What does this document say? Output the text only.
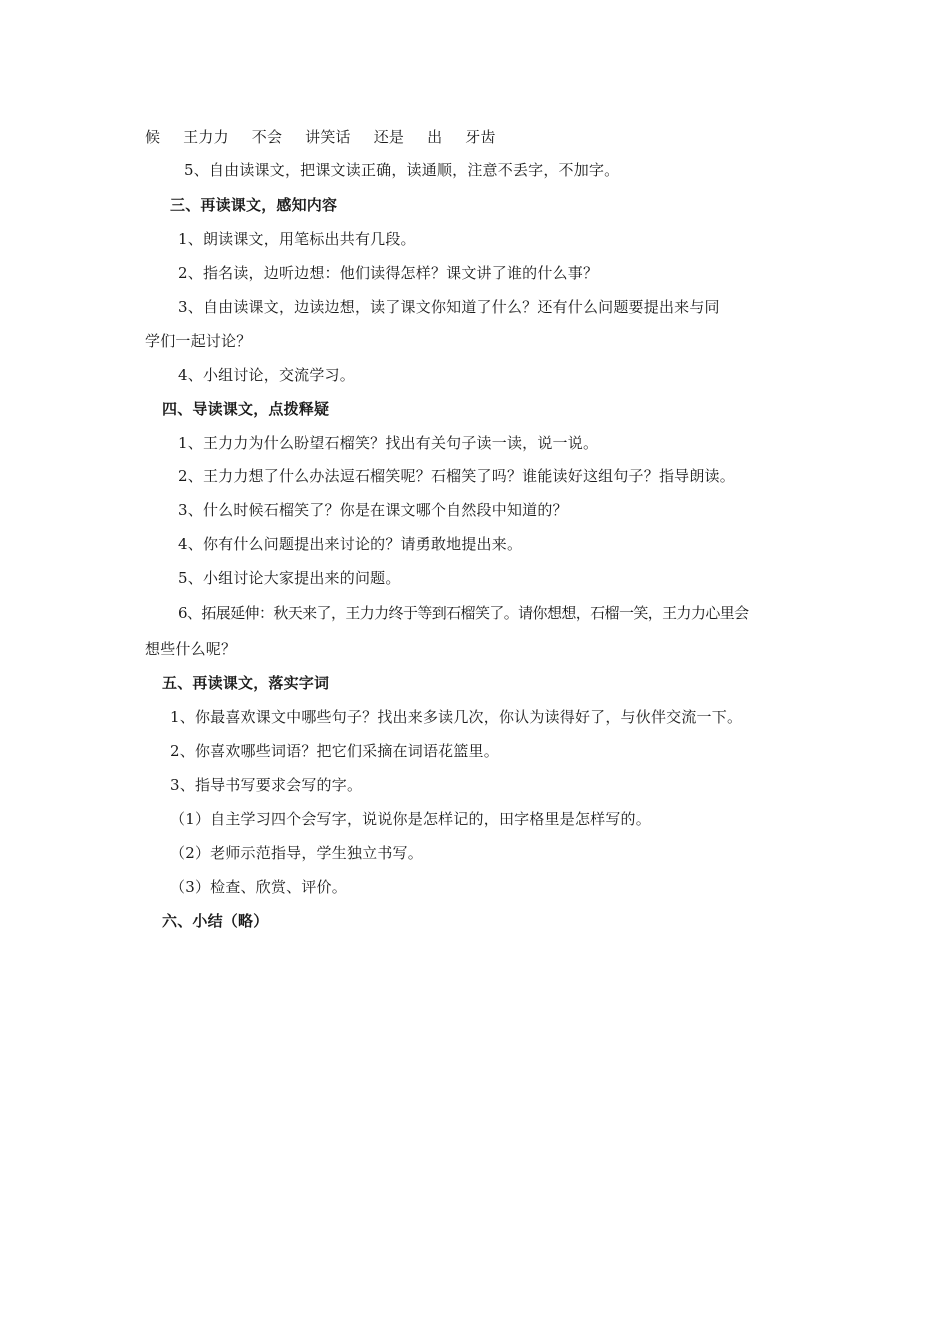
候 王力力 不会 讲笑话 还是 出 牙齿
5、自由读课文，把课文读正确，读通顺，注意不丢字，不加字。
三、再读课文，感知内容
1、朗读课文，用笔标出共有几段。
2、指名读，边听边想：他们读得怎样？课文讲了谁的什么事？
3、自由读课文，边读边想，读了课文你知道了什么？还有什么问题要提出来与同
学们一起讨论？
4、小组讨论，交流学习。
四、导读课文，点拨释疑
1、王力力为什么盼望石榴笑？找出有关句子读一读，说一说。
2、王力力想了什么办法逗石榴笑呢？石榴笑了吗？谁能读好这组句子？指导朗读。
3、什么时候石榴笑了？你是在课文哪个自然段中知道的？
4、你有什么问题提出来讨论的？请勇敢地提出来。
5、小组讨论大家提出来的问题。
6、拓展延伸：秋天来了，王力力终于等到石榴笑了。请你想想，石榴一笑，王力力心里会
想些什么呢？
五、再读课文，落实字词
1、你最喜欢课文中哪些句子？找出来多读几次，你认为读得好了，与伙伴交流一下。
2、你喜欢哪些词语？把它们采摘在词语花篮里。
3、指导书写要求会写的字。
（1）自主学习四个会写字，说说你是怎样记的，田字格里是怎样写的。
（2）老师示范指导，学生独立书写。
（3）检查、欣赏、评价。
六、小结（略）
